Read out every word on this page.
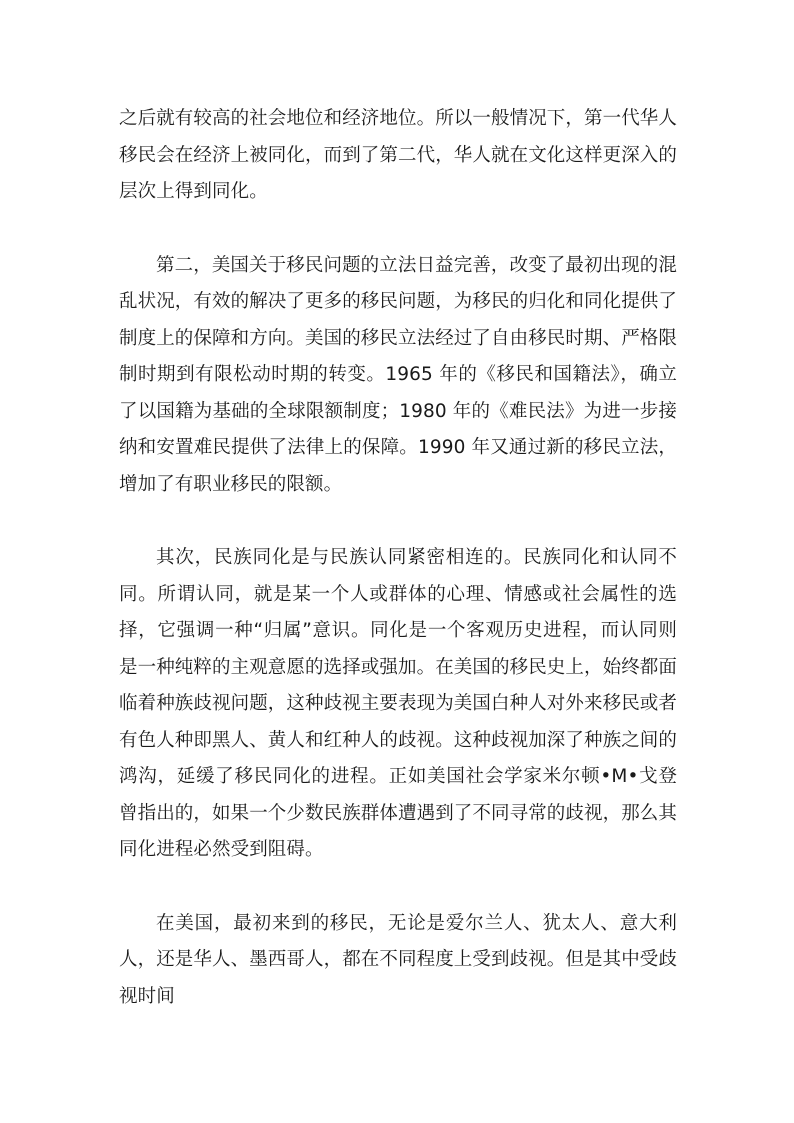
之后就有较高的社会地位和经济地位。所以一般情况下，第一代华人移民会在经济上被同化，而到了第二代，华人就在文化这样更深入的层次上得到同化。

第二，美国关于移民问题的立法日益完善，改变了最初出现的混乱状况，有效的解决了更多的移民问题，为移民的归化和同化提供了制度上的保障和方向。美国的移民立法经过了自由移民时期、严格限制时期到有限松动时期的转变。1965 年的《移民和国籍法》，确立了以国籍为基础的全球限额制度；1980 年的《难民法》为进一步接纳和安置难民提供了法律上的保障。1990 年又通过新的移民立法，增加了有职业移民的限额。

其次，民族同化是与民族认同紧密相连的。民族同化和认同不同。所谓认同，就是某一个人或群体的心理、情感或社会属性的选择，它强调一种“归属”意识。同化是一个客观历史进程，而认同则是一种纯粹的主观意愿的选择或强加。在美国的移民史上，始终都面临着种族歧视问题，这种歧视主要表现为美国白种人对外来移民或者有色人种即黑人、黄人和红种人的歧视。这种歧视加深了种族之间的鸿沟，延缓了移民同化的进程。正如美国社会学家米尔顿•M•戈登曾指出的，如果一个少数民族群体遭遇到了不同寻常的歧视，那么其同化进程必然受到阻碍。

在美国，最初来到的移民，无论是爱尔兰人、犹太人、意大利人，还是华人、墨西哥人，都在不同程度上受到歧视。但是其中受歧视时间
